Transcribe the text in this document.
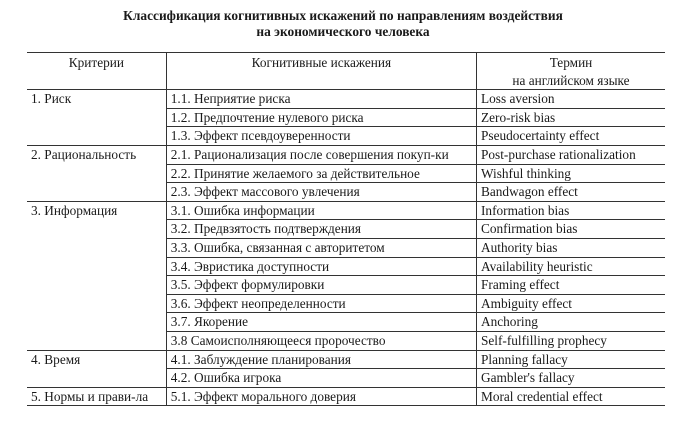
Классификация когнитивных искажений по направлениям воздействия
на экономического человека
Критерии	Когнитивные искажения	Термин
на английском языке

1. Риск	1.1. Неприятие риска	Loss aversion
	1.2. Предпочтение нулевого риска	Zero-risk bias
	1.3. Эффект псевдоуверенности	Pseudocertainty effect
2. Рациональность	2.1. Рационализация после совершения покуп-ки	Post-purchase rationalization
	2.2. Принятие желаемого за действительное	Wishful thinking
	2.3. Эффект массового увлечения	Bandwagon effect
3. Информация	3.1. Ошибка информации	Information bias
	3.2. Предвзятость подтверждения	Confirmation bias
	3.3. Ошибка, связанная с авторитетом	Authority bias
	3.4. Эвристика доступности	Availability heuristic
	3.5. Эффект формулировки	Framing effect
	3.6. Эффект неопределенности	Ambiguity effect
	3.7. Якорение	Anchoring
	3.8 Самоисполняющееся пророчество	Self-fulfilling prophecy
4. Время	4.1. Заблуждение планирования	Planning fallacy
	4.2. Ошибка игрока	Gambler's fallacy
5. Нормы и прави-ла	5.1. Эффект морального доверия	Moral credential effect
